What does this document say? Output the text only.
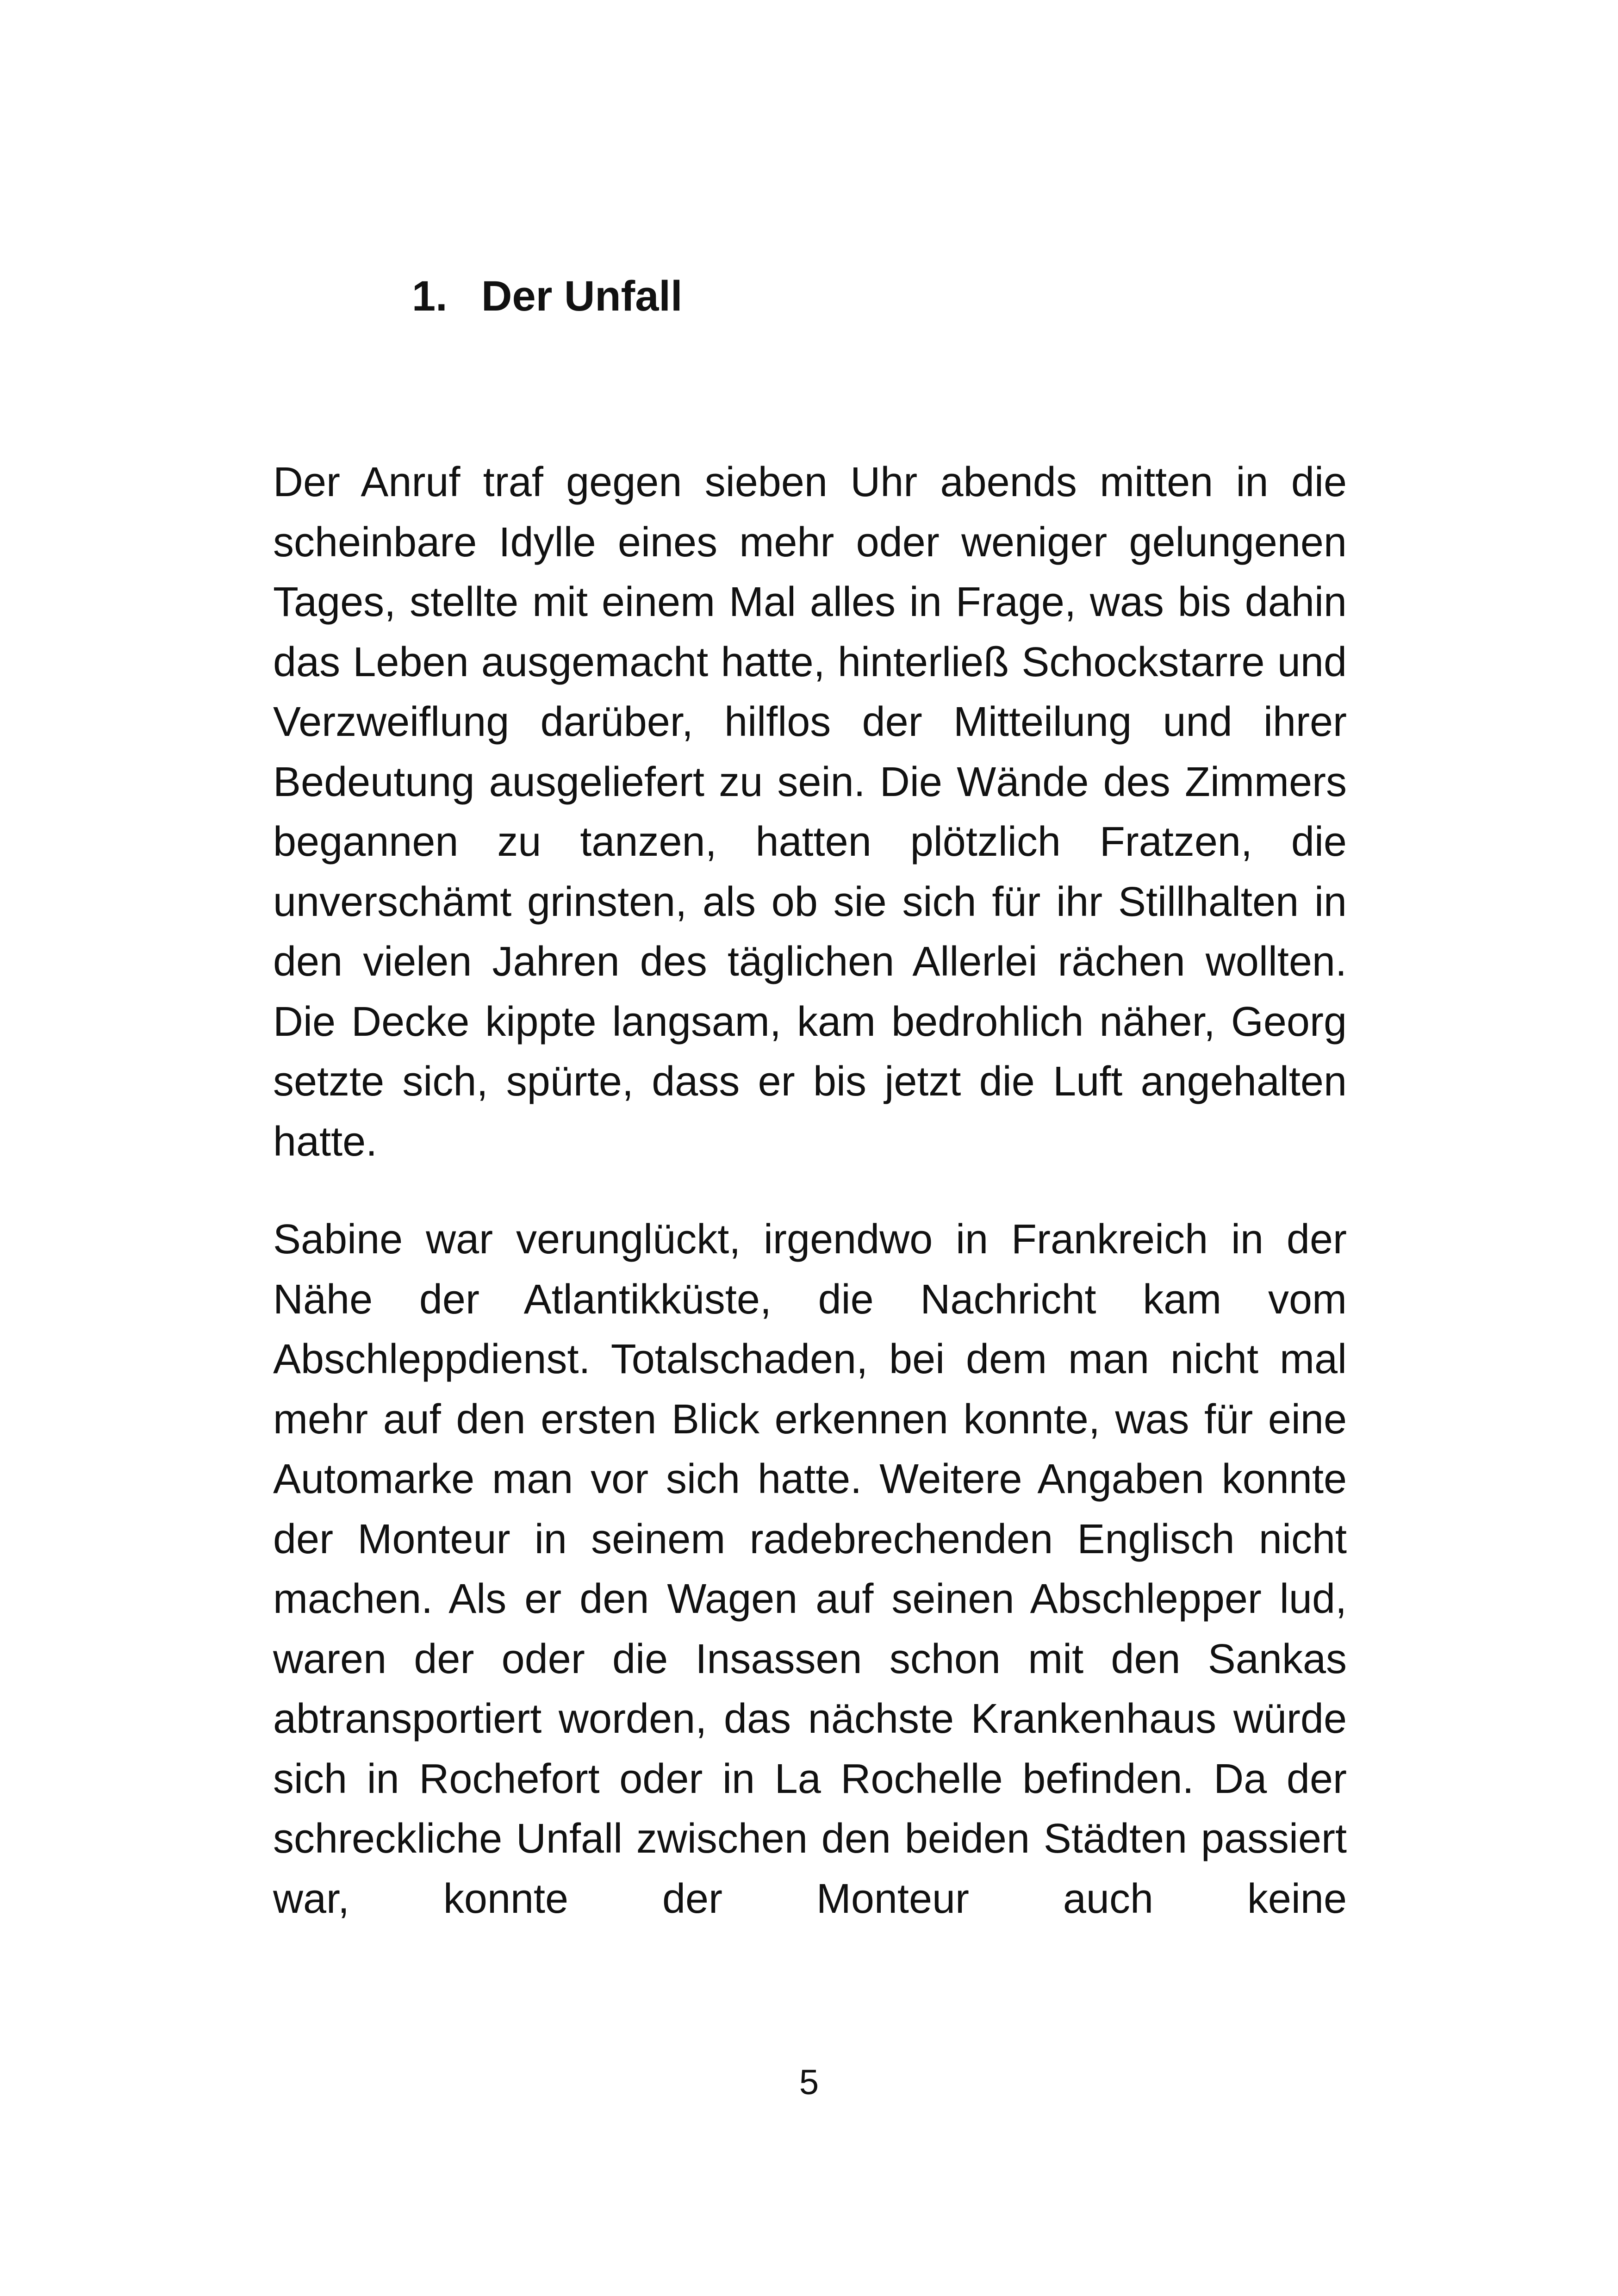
1. Der Unfall

Der Anruf traf gegen sieben Uhr abends mitten in die scheinbare Idylle eines mehr oder weniger gelungenen Tages, stellte mit einem Mal alles in Frage, was bis dahin das Leben ausgemacht hatte, hinterließ Schockstarre und Verzweiflung darüber, hilflos der Mitteilung und ihrer Bedeutung ausgeliefert zu sein. Die Wände des Zimmers begannen zu tanzen, hatten plötzlich Fratzen, die unverschämt grinsten, als ob sie sich für ihr Stillhalten in den vielen Jahren des täglichen Allerlei rächen wollten. Die Decke kippte langsam, kam bedrohlich näher, Georg setzte sich, spürte, dass er bis jetzt die Luft angehalten hatte.

Sabine war verunglückt, irgendwo in Frankreich in der Nähe der Atlantikküste, die Nachricht kam vom Abschleppdienst. Totalschaden, bei dem man nicht mal mehr auf den ersten Blick erkennen konnte, was für eine Automarke man vor sich hatte. Weitere Angaben konnte der Monteur in seinem radebrechenden Englisch nicht machen. Als er den Wagen auf seinen Abschlepper lud, waren der oder die Insassen schon mit den Sankas abtransportiert worden, das nächste Krankenhaus würde sich in Rochefort oder in La Rochelle befinden. Da der schreckliche Unfall zwischen den beiden Städten passiert war, konnte der Monteur auch keine

5
